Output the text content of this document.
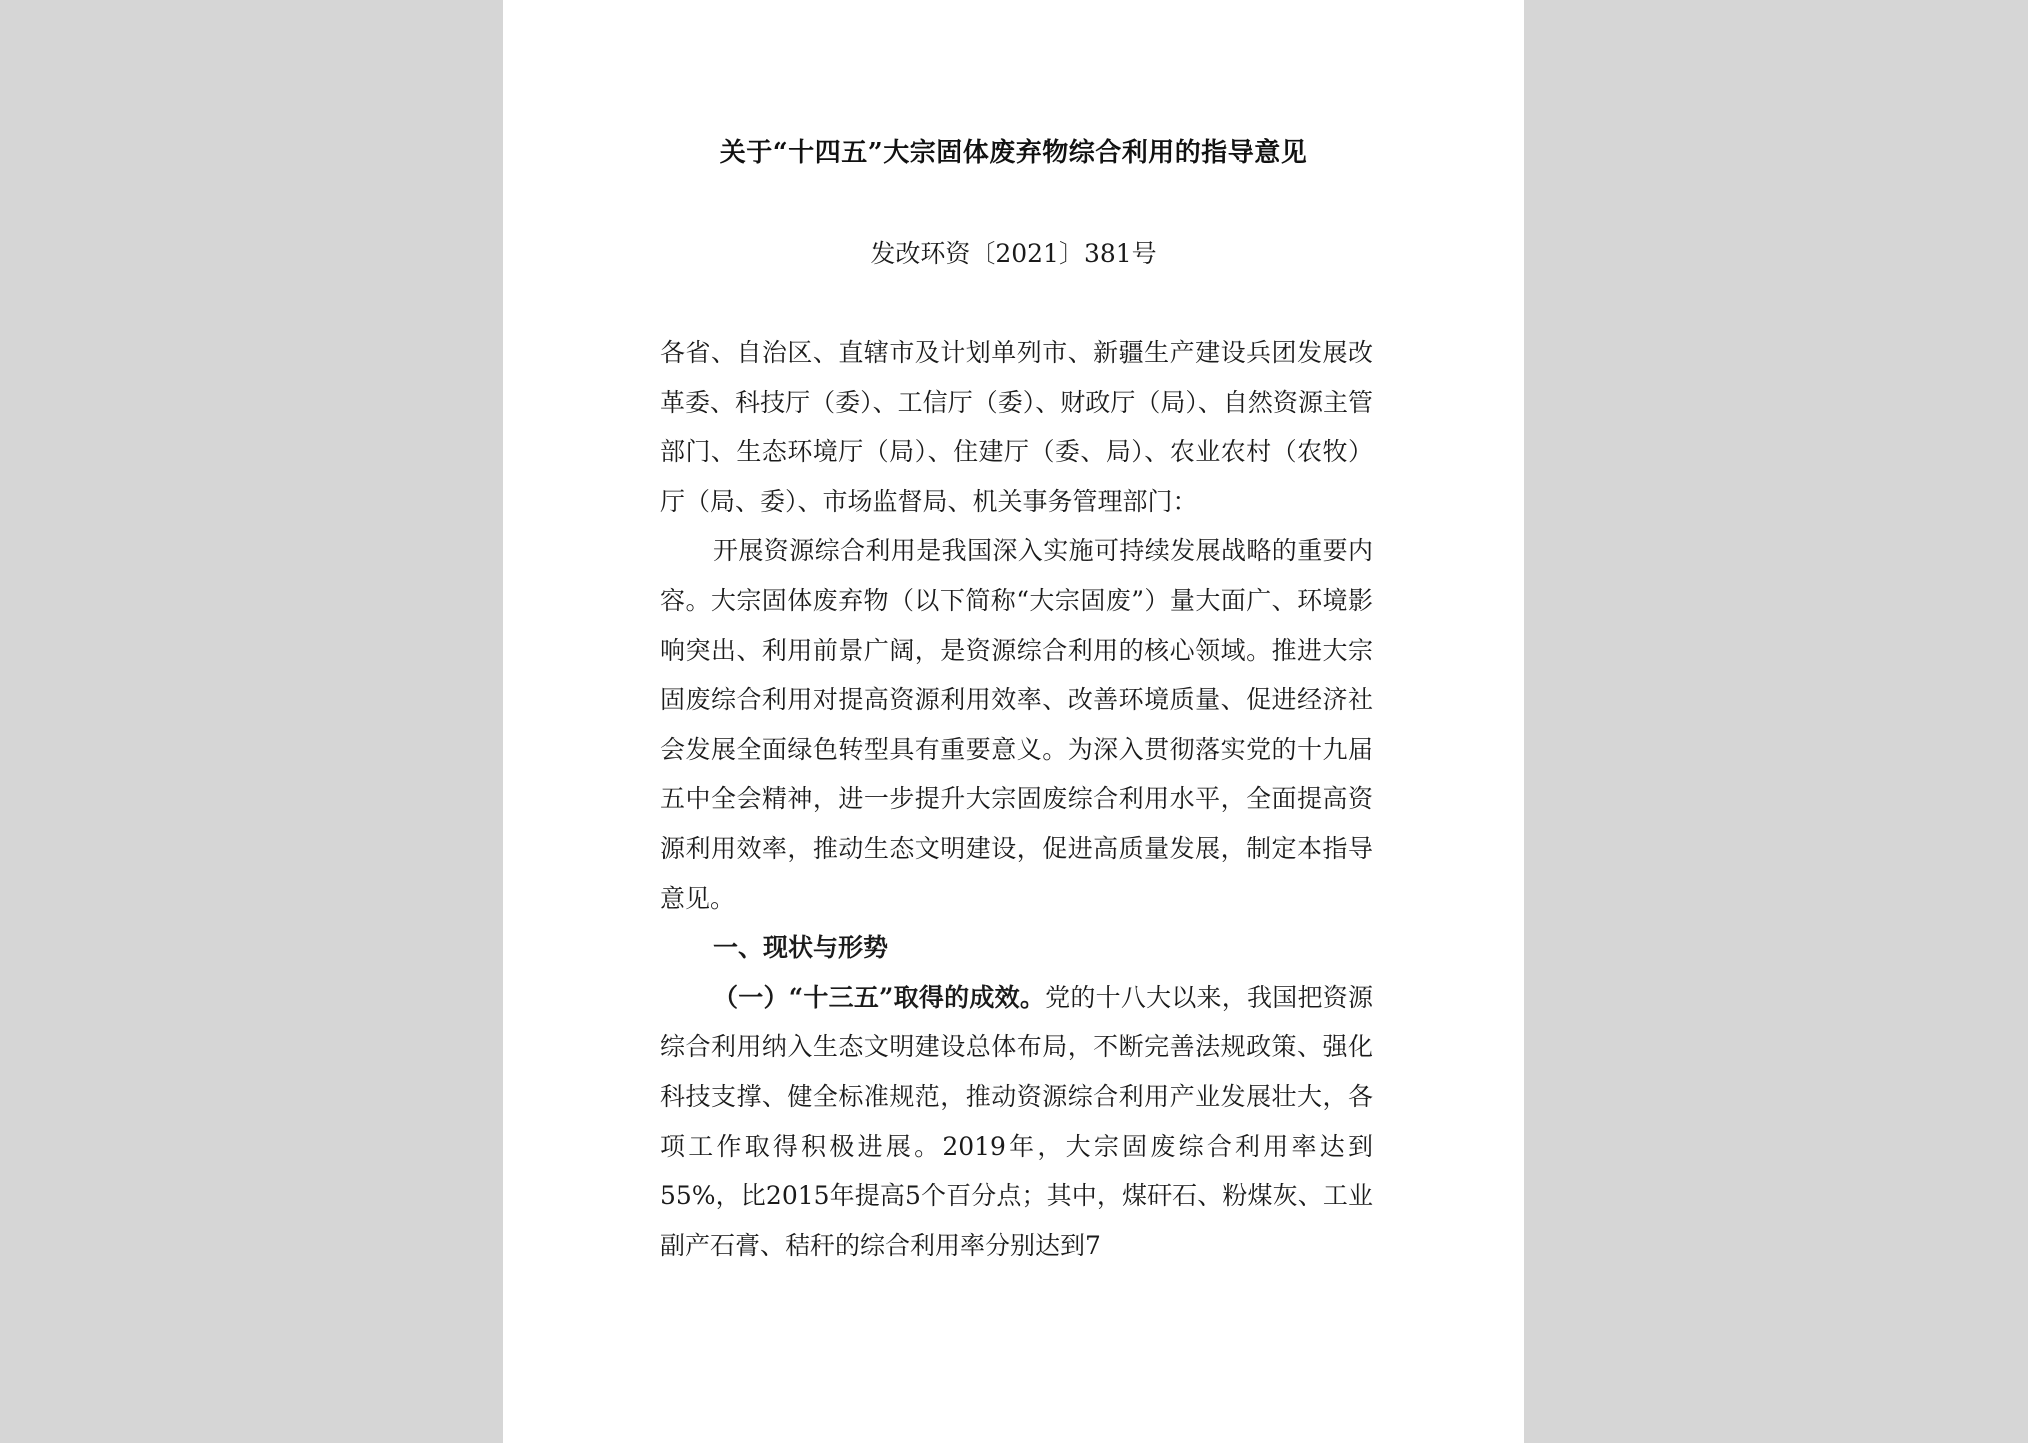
关于“十四五”大宗固体废弃物综合利用的指导意见
发改环资〔2021〕381号

各省、自治区、直辖市及计划单列市、新疆生产建设兵团发展改革委、科技厅（委）、工信厅（委）、财政厅（局）、自然资源主管部门、生态环境厅（局）、住建厅（委、局）、农业农村（农牧）厅（局、委）、市场监督局、机关事务管理部门：

开展资源综合利用是我国深入实施可持续发展战略的重要内容。大宗固体废弃物（以下简称“大宗固废”）量大面广、环境影响突出、利用前景广阔，是资源综合利用的核心领域。推进大宗固废综合利用对提高资源利用效率、改善环境质量、促进经济社会发展全面绿色转型具有重要意义。为深入贯彻落实党的十九届五中全会精神，进一步提升大宗固废综合利用水平，全面提高资源利用效率，推动生态文明建设，促进高质量发展，制定本指导意见。

一、现状与形势

（一）“十三五”取得的成效。党的十八大以来，我国把资源综合利用纳入生态文明建设总体布局，不断完善法规政策、强化科技支撑、健全标准规范，推动资源综合利用产业发展壮大，各项工作取得积极进展。2019年，大宗固废综合利用率达到55%，比2015年提高5个百分点；其中，煤矸石、粉煤灰、工业副产石膏、秸秆的综合利用率分别达到7
